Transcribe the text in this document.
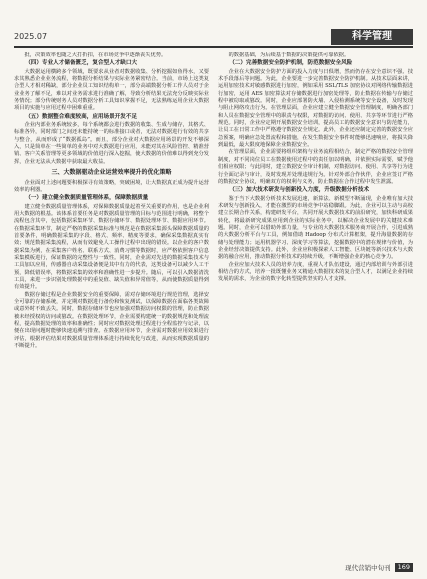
2025.07	科学管理

批，决策效率也随之大打折扣，在市场竞争中逐渐丧失优势。

（四）专业人才储备匮乏，复合型人才缺口大

大数据运用横跨多个领域，既要求从业者对数据收集、分析挖掘如鱼得水，又要求其熟悉企业业务流程，将数据分析结果与实际业务紧密结合。当前，市场上这类复合型人才相对稀缺，部分企业员工知识结构单一，部分高端数据分析工作人员对于企业业务了解不足，难以对业务需求进行准确了解，导致分析结果无法充分反映实际业务情况；部分传统财务人员对数据分析工具知识掌握不足，无法熟练运用企业大数据项目的实施与应用过程中困难重重。

（五）数据整合难度较高，应用场景开发不足

企业内部业务系统较多，每个系统都会进行数据的收集、生成与储存，其格式、标准各异，同时部门之间还未能持统一的标准接口或者，无法对数据进行有效的共享与整合，从而形成了“数据孤岛”。而且，部分企业对大数据应用场景的开发不够深入，只是简单在一些简单的业务中对大数据进行应用，未能对其在风险管控、精准营销、客户关系管理等更多领域的价值进行深入挖掘，使大数据的价值难以得到充分发挥，企业无法从大数据中获取最大收益。

三、大数据驱动企业运营效率提升的优化策略

企业面对上述问题要积极探寻有效策略，突破困境，让大数据真正成为提升运营效率的利器。

（一）建立健全数据质量管理体系，保障数据质量

建立健全数据质量管理体系，对保障数据质量起着至关重要的作用，也是企业利用大数据的根基。该体系首要任务是对数据质量管理的目标与范围进行明确，将整个流程包含其中，包括数据采集环节、数据存储环节、数据处理环节、数据应用环节。在数据采集环节，制定严格的数据采集标准与规范是在数据采集源头保障数据质量的首要条件，明确数据采集的字段、格式、频率、精度等要求，确保采集数据真实有效；规范数据采集流程，从而有效避免人工操作过程中出现的错误。以企业的客户数据采集为例，在采集客户姓名、联系方式、消费习惯等数据时，应严格依照客户信息采集模板进行，保证数据的完整性与一致性。同时，企业需对先进的数据采集技术与工具加以应用，传感器自动采集设备便是其中有力的代表，这类设备可以减少人工干预，降低错误率，将数据采集的效率和准确性进一步提升。随后，可以引入数据清洗工具，来进一步识别处理数据中的重复值、缺失值和异常值等，从而使数据质量得到有效提升。

数据存储过程是企业数据安全的重要保障，需对存储环境进行规范管理，选择安全可靠的存储系统，并定期对数据进行备份和恢复测试，以保障数据在面临各类故障或意外时不致丢失。同时，数据存储环节也应加强对数据访问权限的管理，防止数据被未经授权的访问或篡改。在数据处理环节，企业需要构建统一的数据规范和处理流程，提高数据处理的效率和准确性；同时应对数据处理过程进行全程监控与记录，以便在出现问题时能够快速追溯与排查。在数据应用环节，企业需对数据应用效果进行评估，根据评估结果对数据质量管理体系进行持续优化与改进，从而实现数据质量的不断提升。

的数据基础，为后续基于数据的决策提供可靠依据。

（二）完善数据安全防护机制，防范数据安全风险

企业在大数据安全防护方面的投入力度与日俱增，然而仍存在安全意识不强、技术手段落后等问题。为此，企业要进一步完善数据安全防护机制。从技术层面来讲，运用加密技术对敏感数据进行加密，例如采用 SSL/TLS 加密协议对网络传输数据进行加密，运用 AES 加密算法对存储数据进行加密处理等，防止数据在传输与存储过程中被窃取或篡改。同时，企业应部署防火墙、入侵检测系统等安全设备，及时发现与阻止网络攻击行为。在管理层面，企业应建立健全数据安全管理制度，明确各部门和人员在数据安全管理中的职责与权限，对数据的访问、使用、共享等环节进行严格规范。同时，企业应定期开展数据安全培训，提高员工的数据安全意识与防范能力，让员工在日常工作中严格遵守数据安全规定。此外，企业还应制定完善的数据安全应急预案，明确应急处置流程和措施，在发生数据安全事件时能够迅速响应，将损失降到最低，最大限度地保障企业数据安全。

在管理层面，企业需要将组织架构与业务流程相结合，制定严格的数据安全管理制度，对不同岗位员工在数据使用过程中的责任加以明确，并依照实际需要，赋予他们相应权限；与此同时，建立数据安全审计机制，对数据访问、使用、共享等行为进行全面记录与审计，及时发现并处理违规行为。针对外部合作伙伴，企业应签订严格的数据安全协议，明确双方的权利与义务，防止数据在合作过程中发生泄露。

（三）加大技术研发与创新投入力度，升级数据分析技术

鉴于当下大数据分析技术发展迅速，新算法、新模型不断涌现，企业唯有加大技术研发与创新投入，才能在激烈的市场竞争中站稳脚跟。为此，企业可以主动与高校建立长期合作关系，构建研发平台，共同开展大数据技术的前沿研究，加快科研成果转化，将最新研究成果应用到企业的实际业务中，以解决企业发展中的关键技术难题。同时，企业可以借助外部力量，与专业的大数据技术服务商开展合作，引进成熟的大数据分析平台与工具，例如借助 Hadoop 分布式计算框架，提升海量数据的存储与处理能力；运用机器学习、深度学习等算法，挖掘数据中的潜在规律与价值，为企业经营决策提供支持。此外，企业应积极探索人工智能、区块链等新兴技术与大数据的融合应用，推动数据分析技术的持续升级，不断增强企业的核心竞争力。

企业应加大技术人员的培养力度，重视人才队伍建设，通过内部培训与外部引进相结合的方式，培养一批既懂业务又精通大数据技术的复合型人才，以满足企业持续发展的需求，为企业的数字化转型提供坚实的人才支撑。

现代营销中旬刊	169
